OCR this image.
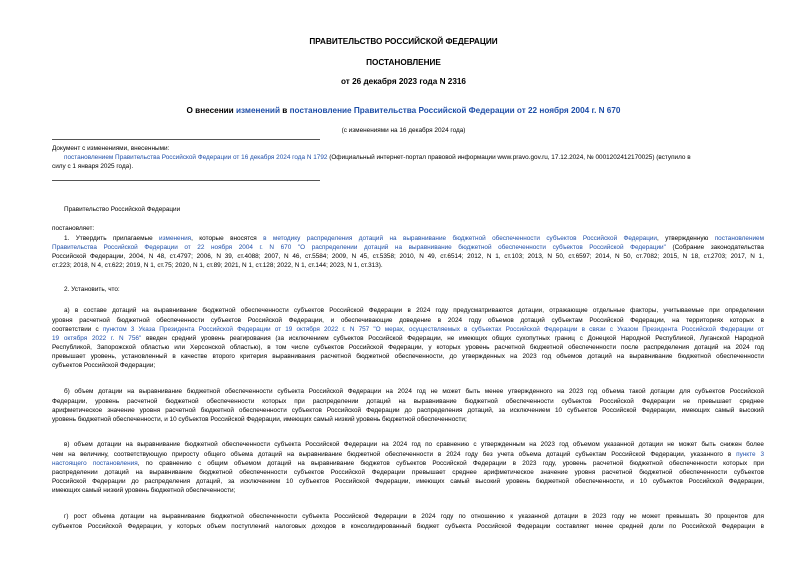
ПРАВИТЕЛЬСТВО РОССИЙСКОЙ ФЕДЕРАЦИИ
ПОСТАНОВЛЕНИЕ
от 26 декабря 2023 года N 2316
О внесении изменений в постановление Правительства Российской Федерации от 22 ноября 2004 г. N 670
(с изменениями на 16 декабря 2024 года)
Документ с изменениями, внесенными:
постановлением Правительства Российской Федерации от 16 декабря 2024 года N 1792 (Официальный интернет-портал правовой информации www.pravo.gov.ru, 17.12.2024, № 0001202412170025) (вступило в
силу с 1 января 2025 года).
Правительство Российской Федерации
постановляет:
1. Утвердить прилагаемые изменения, которые вносятся в методику распределения дотаций на выравнивание бюджетной обеспеченности субъектов Российской Федерации, утвержденную постановлением
Правительства Российской Федерации от 22 ноября 2004 г. N 670 "О распределении дотаций на выравнивание бюджетной обеспеченности субъектов Российской Федерации" (Собрание законодательства
Российской Федерации, 2004, N 48, ст.4797; 2006, N 39, ст.4088; 2007, N 46, ст.5584; 2009, N 45, ст.5358; 2010, N 49, ст.6514; 2012, N 1, ст.103; 2013, N 50, ст.6597; 2014, N 50, ст.7082; 2015, N 18, ст.2703; 2017, N 1,
ст.223; 2018, N 4, ст.622; 2019, N 1, ст.75; 2020, N 1, ст.89; 2021, N 1, ст.128; 2022, N 1, ст.144; 2023, N 1, ст.313).
2. Установить, что:
а) в составе дотаций на выравнивание бюджетной обеспеченности субъектов Российской Федерации в 2024 году предусматриваются дотации, отражающие отдельные факторы, учитываемые при определении
уровня расчетной бюджетной обеспеченности субъектов Российской Федерации, и обеспечивающие доведение в 2024 году объемов дотаций субъектам Российской Федерации, на территориях которых в
соответствии с пунктом 3 Указа Президента Российской Федерации от 19 октября 2022 г. N 757 "О мерах, осуществляемых в субъектах Российской Федерации в связи с Указом Президента Российской Федерации от
19 октября 2022 г. N 756" введен средний уровень реагирования (за исключением субъектов Российской Федерации, не имеющих общих сухопутных границ с Донецкой Народной Республикой, Луганской Народной
Республикой, Запорожской областью или Херсонской областью), в том числе субъектов Российской Федерации, у которых уровень расчетной бюджетной обеспеченности после распределения дотаций на 2024 год
превышает уровень, установленный в качестве второго критерия выравнивания расчетной бюджетной обеспеченности, до утвержденных на 2023 год объемов дотаций на выравнивание бюджетной обеспеченности
субъектов Российской Федерации;
б) объем дотации на выравнивание бюджетной обеспеченности субъекта Российской Федерации на 2024 год не может быть менее утвержденного на 2023 год объема такой дотации для субъектов Российской
Федерации, уровень расчетной бюджетной обеспеченности которых при распределении дотаций на выравнивание бюджетной обеспеченности субъектов Российской Федерации не превышает среднее
арифметическое значение уровня расчетной бюджетной обеспеченности субъектов Российской Федерации до распределения дотаций, за исключением 10 субъектов Российской Федерации, имеющих самый высокий
уровень бюджетной обеспеченности, и 10 субъектов Российской Федерации, имеющих самый низкий уровень бюджетной обеспеченности;
в) объем дотации на выравнивание бюджетной обеспеченности субъекта Российской Федерации на 2024 год по сравнению с утвержденным на 2023 год объемом указанной дотации не может быть снижен более
чем на величину, соответствующую приросту общего объема дотаций на выравнивание бюджетной обеспеченности в 2024 году без учета объема дотаций субъектам Российской Федерации, указанного в пункте 3
настоящего постановления, по сравнению с общим объемом дотаций на выравнивание бюджетов субъектов Российской Федерации в 2023 году, уровень расчетной бюджетной обеспеченности которых при
распределении дотаций на выравнивание бюджетной обеспеченности субъектов Российской Федерации превышает среднее арифметическое значение уровня расчетной бюджетной обеспеченности субъектов
Российской Федерации до распределения дотаций, за исключением 10 субъектов Российской Федерации, имеющих самый высокий уровень бюджетной обеспеченности, и 10 субъектов Российской Федерации,
имеющих самый низкий уровень бюджетной обеспеченности;
г) рост объема дотации на выравнивание бюджетной обеспеченности субъекта Российской Федерации в 2024 году по отношению к указанной дотации в 2023 году не может превышать 30 процентов для
субъектов Российской Федерации, у которых объем поступлений налоговых доходов в консолидированный бюджет субъекта Российской Федерации составляет менее средней доли по Российской Федерации в
